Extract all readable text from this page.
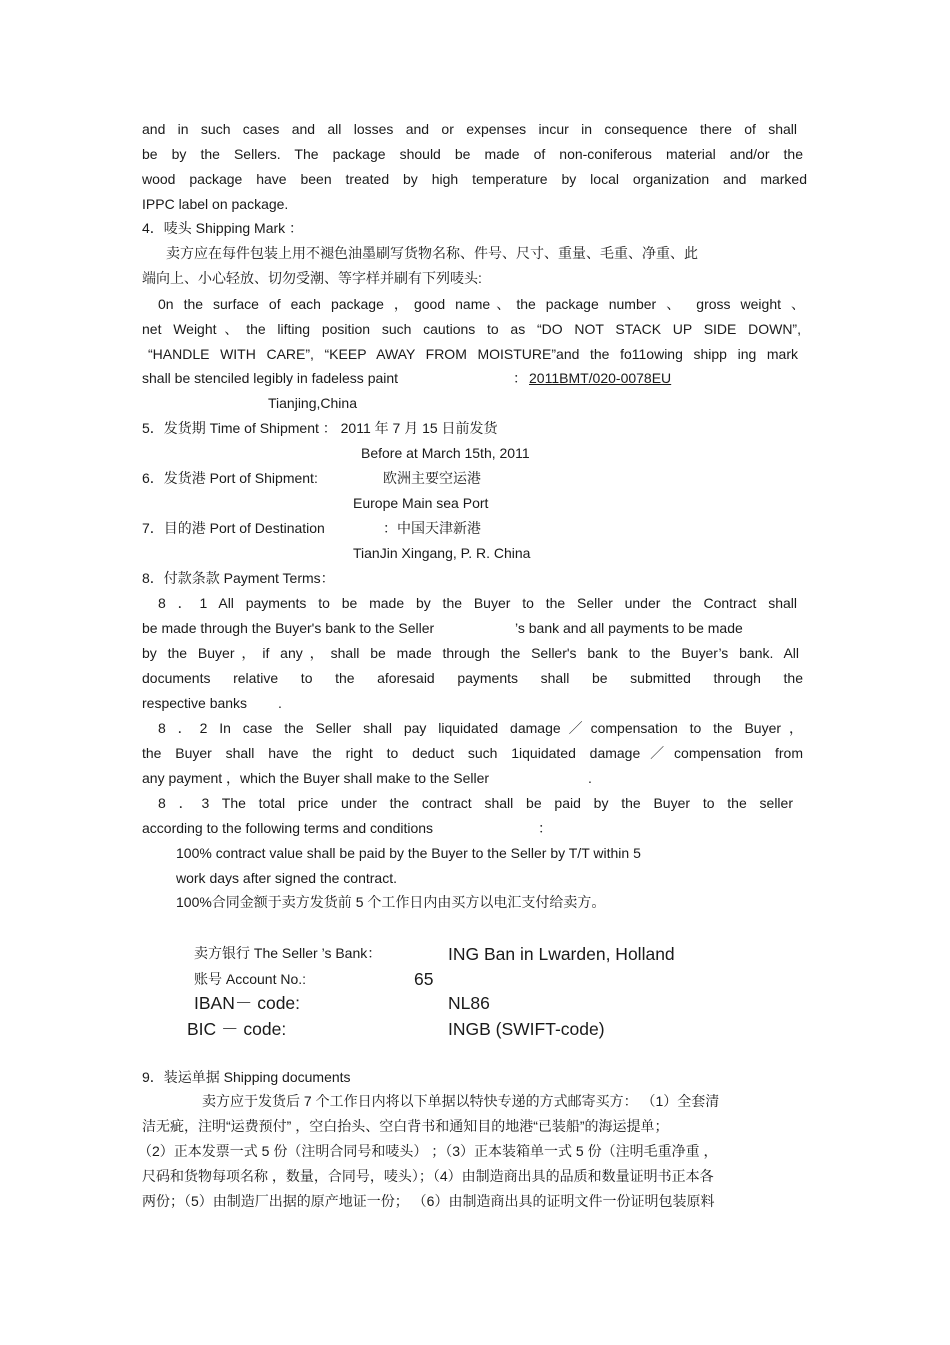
and in such cases and all losses and or expenses incur in consequence there of shall
be by the Sellers. The package should be made of non-coniferous material and/or the
wood package have been treated by high temperature by local organization and marked
IPPC label on package.
4．唛头 Shipping Mark ：
卖方应在每件包装上用不褪色油墨刷写货物名称、件号、尺寸、重量、毛重、净重、此
端向上、小心轻放、切勿受潮、等字样并刷有下列唛头:
0n the surface of each package ，good name、the package number 、 gross weight 、
net Weight、the lifting position such cautions to as “DO NOT STACK UP SIDE DOWN”,
“HANDLE WITH CARE”, “KEEP AWAY FROM MOISTURE”and the fo11owing shipp ing mark
shall be stenciled legibly in fadeless paint	： 2011BMT/020-0078EU
Tianjing,China
5．发货期 Time of Shipment ： 2011 年 7 月 15 日前发货
Before at March 15th, 2011
6．发货港 Port of Shipment:	欧洲主要空运港
Europe Main sea Port
7．目的港 Port of Destination	：中国天津新港
TianJin Xingang, P. R. China
8．付款条款 Payment Terms：
8 ．1 All payments to be made by the Buyer to the Seller under the Contract shall
be made through the Buyer's bank to the Seller	’s bank and all payments to be made
by the Buyer，if any，shall be made through the Seller's bank to the Buyer’s bank. All
documents relative to the aforesaid payments shall be submitted through the
respective banks .
8 ．2 In case the Seller shall pay liquidated damage／compensation to the Buyer，
the Buyer shall have the right to deduct such 1iquidated damage／compensation from
any payment ，which the Buyer shall make to the Seller	.
8 ．3 The total price under the contract shall be paid by the Buyer to the seller
according to the following terms and conditions	：
100% contract value shall be paid by the Buyer to the Seller by T/T within 5
work days after signed the contract.
100%合同金额于卖方发货前 5 个工作日内由买方以电汇支付给卖方。
卖方银行 The Seller ’s Bank：	ING Ban in Lwarden, Holland
账号 Account No.:	65
IBAN－ code:	NL86
BIC － code:	INGB (SWIFT-code)
9．装运单据 Shipping documents
卖方应于发货后 7 个工作日内将以下单据以特快专递的方式邮寄买方： （1）全套清
洁无疵，注明“运费预付” ，空白抬头、空白背书和通知目的地港“已装船”的海运提单；
（2）正本发票一式 5 份（注明合同号和唛头） ；（3）正本装箱单一式 5 份（注明毛重净重 ，
尺码和货物每项名称 ，数量，合同号，唛头）；（4）由制造商出具的品质和数量证明书正本各
两份；（5）由制造厂出据的原产地证一份； （6）由制造商出具的证明文件一份证明包装原料
